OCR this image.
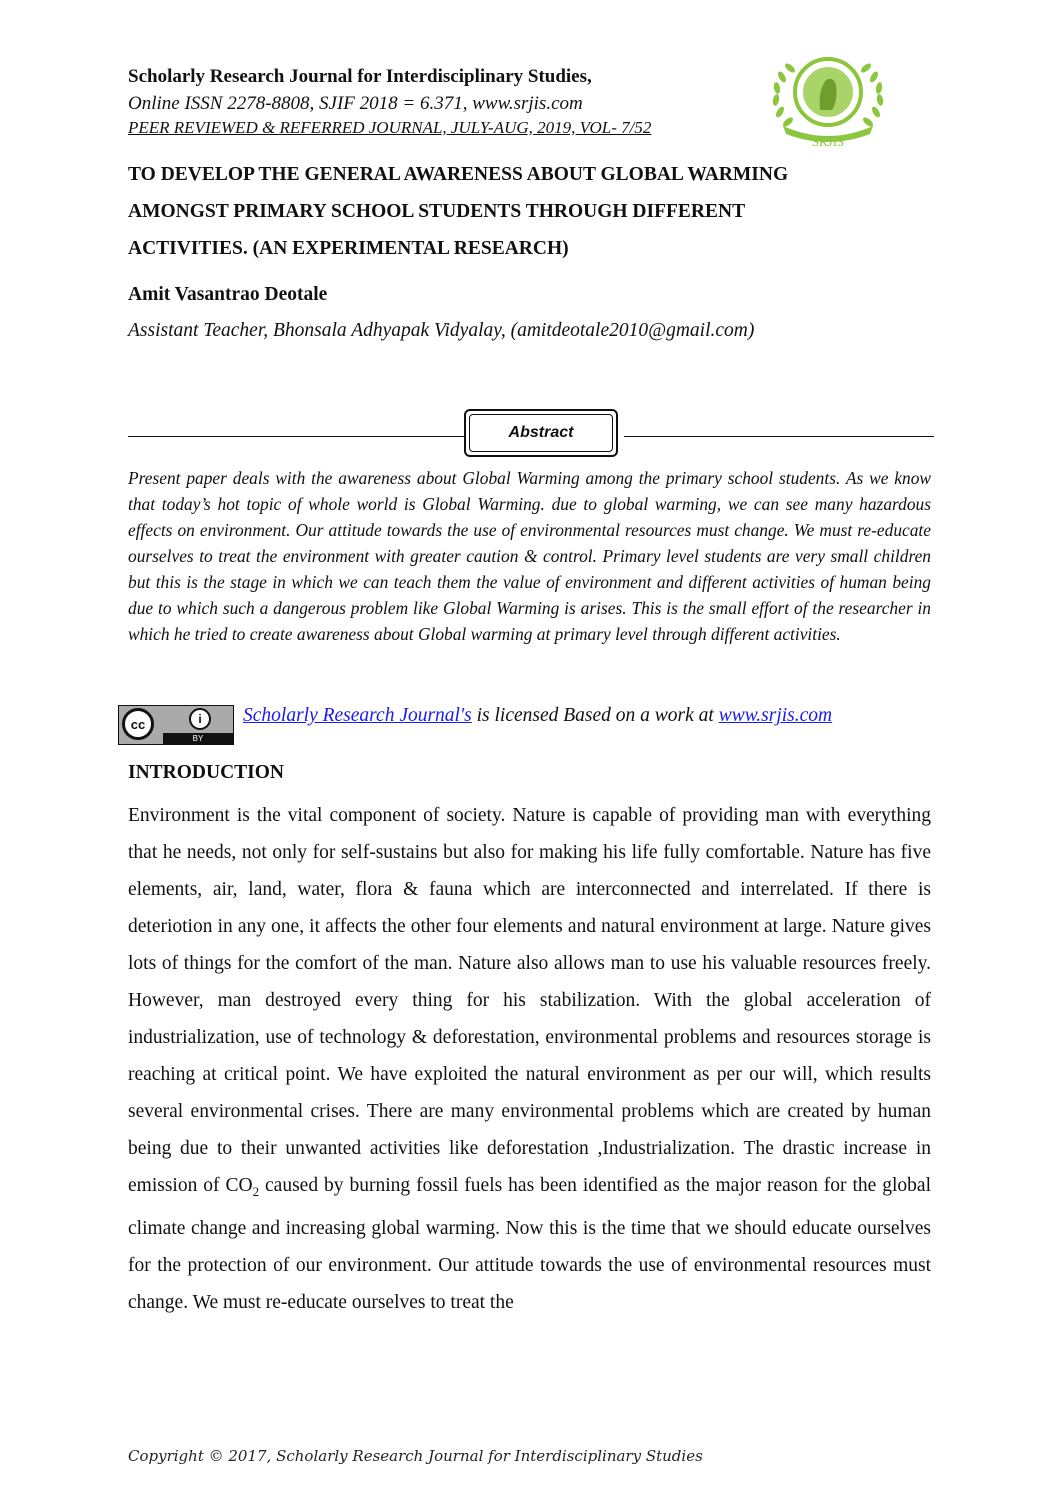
Scholarly Research Journal for Interdisciplinary Studies,
Online ISSN 2278-8808, SJIF 2018 = 6.371, www.srjis.com
PEER REVIEWED & REFERRED JOURNAL, JULY-AUG, 2019, VOL- 7/52
SRJIS
2012
TO DEVELOP THE GENERAL AWARENESS ABOUT GLOBAL WARMING
AMONGST PRIMARY SCHOOL STUDENTS THROUGH DIFFERENT
ACTIVITIES. (AN EXPERIMENTAL RESEARCH)
Amit Vasantrao Deotale
Assistant Teacher, Bhonsala Adhyapak Vidyalay, (amitdeotale2010@gmail.com)
Abstract
Present paper deals with the awareness about Global Warming among the primary school students. As we know that today’s hot topic of whole world is Global Warming. due to global warming, we can see many hazardous effects on environment. Our attitude towards the use of environmental resources must change. We must re-educate ourselves to treat the environment with greater caution & control. Primary level students are very small children but this is the stage in which we can teach them the value of environment and different activities of human being due to which such a dangerous problem like Global Warming is arises. This is the small effort of the researcher in which he tried to create awareness about Global warming at primary level through different activities.
cc	i
BY
Scholarly Research Journal's is licensed Based on a work at www.srjis.com
INTRODUCTION
Environment is the vital component of society. Nature is capable of providing man with everything that he needs, not only for self-sustains but also for making his life fully comfortable. Nature has five elements, air, land, water, flora & fauna which are interconnected and interrelated. If there is deteriotion in any one, it affects the other four elements and natural environment at large. Nature gives lots of things for the comfort of the man. Nature also allows man to use his valuable resources freely. However, man destroyed every thing for his stabilization. With the global acceleration of industrialization, use of technology & deforestation, environmental problems and resources storage is reaching at critical point. We have exploited the natural environment as per our will, which results several environmental crises. There are many environmental problems which are created by human being due to their unwanted activities like deforestation ,Industrialization. The drastic increase in emission of $CO_2$ caused by burning fossil fuels has been identified as the major reason for the global climate change and increasing global warming. Now this is the time that we should educate ourselves for the protection of our environment. Our attitude towards the use of environmental resources must change. We must re-educate ourselves to treat the
Copyright © 2017, Scholarly Research Journal for Interdisciplinary Studies
